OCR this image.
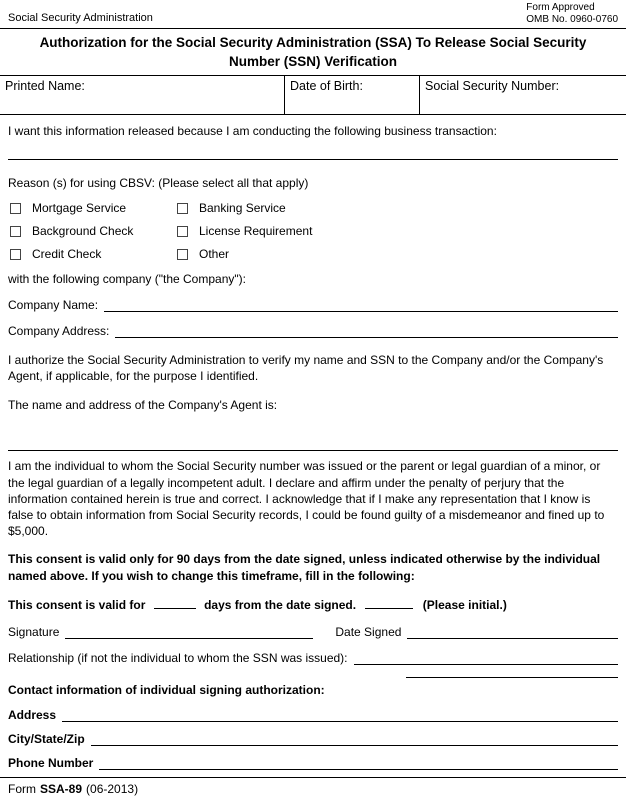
Social Security Administration
Form Approved
OMB No. 0960-0760
Authorization for the Social Security Administration (SSA) To Release Social Security Number (SSN) Verification
Printed Name:	Date of Birth:	Social Security Number:
I want this information released because I am conducting the following business transaction:
Reason (s) for using CBSV: (Please select all that apply)
Mortgage Service	Banking Service
Background Check	License Requirement
Credit Check	Other
with the following company ("the Company"):
Company Name:
Company Address:
I authorize the Social Security Administration to verify my name and SSN to the Company and/or the Company's Agent, if applicable, for the purpose I identified.
The name and address of the Company's Agent is:
I am the individual to whom the Social Security number was issued or the parent or legal guardian of a minor, or the legal guardian of a legally incompetent adult. I declare and affirm under the penalty of perjury that the information contained herein is true and correct. I acknowledge that if I make any representation that I know is false to obtain information from Social Security records, I could be found guilty of a misdemeanor and fined up to $5,000.
This consent is valid only for 90 days from the date signed, unless indicated otherwise by the individual named above. If you wish to change this timeframe, fill in the following:
This consent is valid for	days from the date signed.	(Please initial.)
Signature	Date Signed
Relationship (if not the individual to whom the SSN was issued):
Contact information of individual signing authorization:
Address
City/State/Zip
Phone Number
Form SSA-89 (06-2013)
